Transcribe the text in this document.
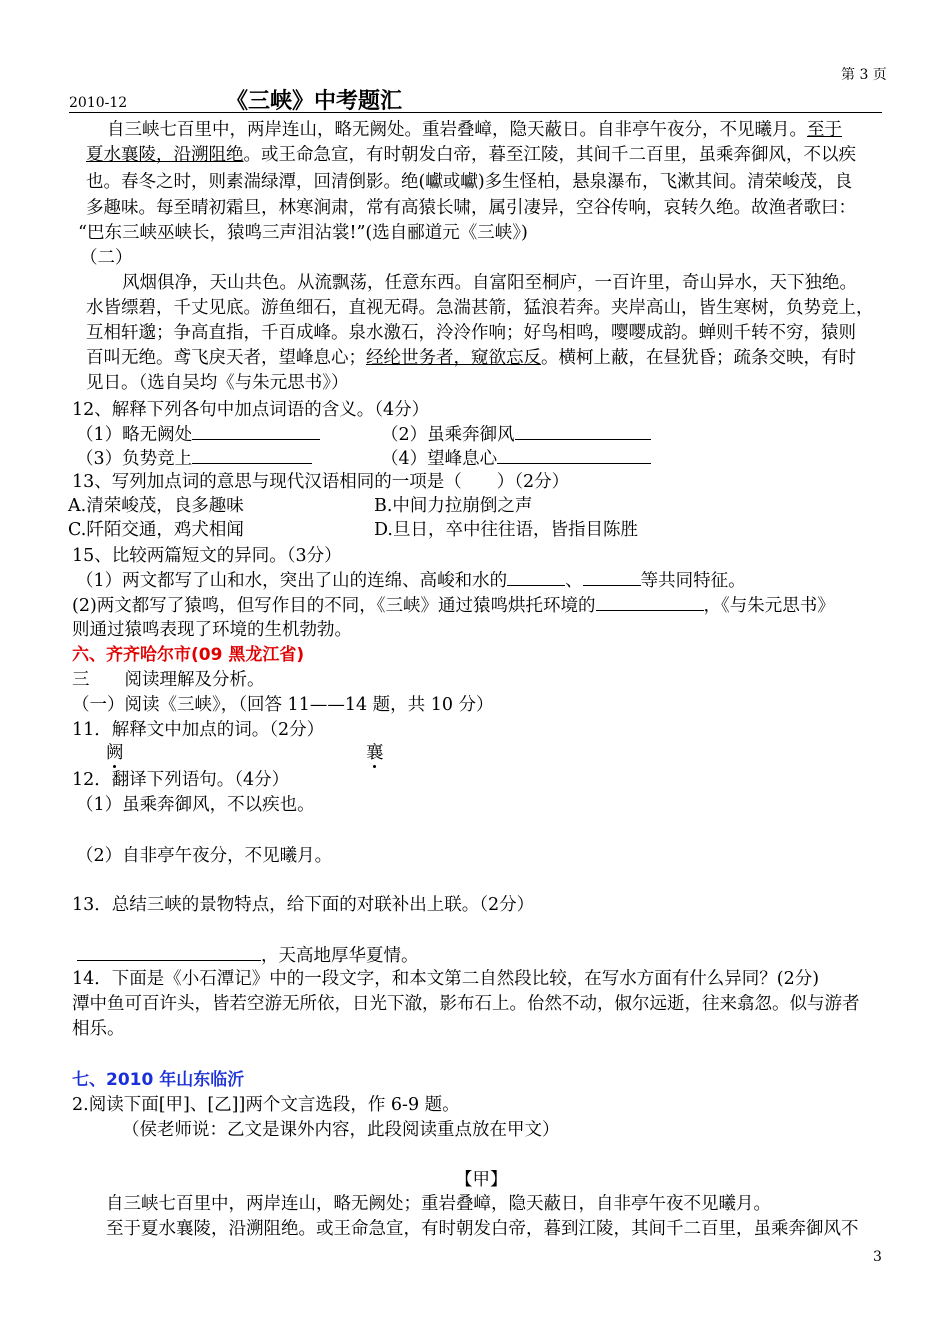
第 3 页
2010-12	《三峡》中考题汇
自三峡七百里中，两岸连山，略无阙处。重岩叠嶂，隐天蔽日。自非亭午夜分，不见曦月。至于
夏水襄陵，沿溯阻绝。或王命急宣，有时朝发白帝，暮至江陵，其间千二百里，虽乘奔御风，不以疾
也。春冬之时，则素湍绿潭，回清倒影。绝(巘或巘)多生怪柏，悬泉瀑布，飞漱其间。清荣峻茂，良
多趣味。每至晴初霜旦，林寒涧肃，常有高猿长啸，属引凄异，空谷传响，哀转久绝。故渔者歌曰：
“巴东三峡巫峡长，猿鸣三声泪沾裳!”(选自郦道元《三峡》)
（二）
风烟俱净，天山共色。从流飘荡，任意东西。自富阳至桐庐，一百许里，奇山异水，天下独绝。
水皆缥碧，千丈见底。游鱼细石，直视无碍。急湍甚箭，猛浪若奔。夹岸高山，皆生寒树，负势竞上，
互相轩邈；争高直指，千百成峰。泉水激石，泠泠作响；好鸟相鸣，嘤嘤成韵。蝉则千转不穷，猿则
百叫无绝。鸢飞戾天者，望峰息心；经纶世务者，窥欲忘反。横柯上蔽，在昼犹昏；疏条交映，有时
见日。（选自吴均《与朱元思书》）
12、解释下列各句中加点词语的含义。（4分）
（1）略无阙处	（2）虽乘奔御风
（3）负势竞上	（4）望峰息心
13、写列加点词的意思与现代汉语相同的一项是（　　）（2分）
A.清荣峻茂，良多趣味	B.中间力拉崩倒之声
C.阡陌交通，鸡犬相闻	D.旦日，卒中往往语，皆指目陈胜
15、比较两篇短文的异同。（3分）
（1）两文都写了山和水，突出了山的连绵、高峻和水的	、	等共同特征。
(2)两文都写了猿鸣，但写作目的不同，《三峡》通过猿鸣烘托环境的	，《与朱元思书》
则通过猿鸣表现了环境的生机勃勃。
六、齐齐哈尔市(09 黑龙江省)
三　　阅读理解及分析。
（一）阅读《三峡》，（回答 11——14 题，共 10 分）
11．解释文中加点的词。（2分）
阙	襄
12．翻译下列语句。（4分）
（1）虽乘奔御风，不以疾也。
（2）自非亭午夜分，不见曦月。
13．总结三峡的景物特点，给下面的对联补出上联。（2分）
，天高地厚华夏情。
14．下面是《小石潭记》中的一段文字，和本文第二自然段比较，在写水方面有什么异同？(2分)
潭中鱼可百许头，皆若空游无所依，日光下澈，影布石上。佁然不动，俶尔远逝，往来翕忽。似与游者
相乐。
七、2010 年山东临沂
2.阅读下面[甲]、[乙]]两个文言选段，作 6-9 题。
（侯老师说：乙文是课外内容，此段阅读重点放在甲文）
【甲】
自三峡七百里中，两岸连山，略无阙处；重岩叠嶂，隐天蔽日，自非亭午夜不见曦月。
至于夏水襄陵，沿溯阻绝。或王命急宣，有时朝发白帝，暮到江陵，其间千二百里，虽乘奔御风不
3
